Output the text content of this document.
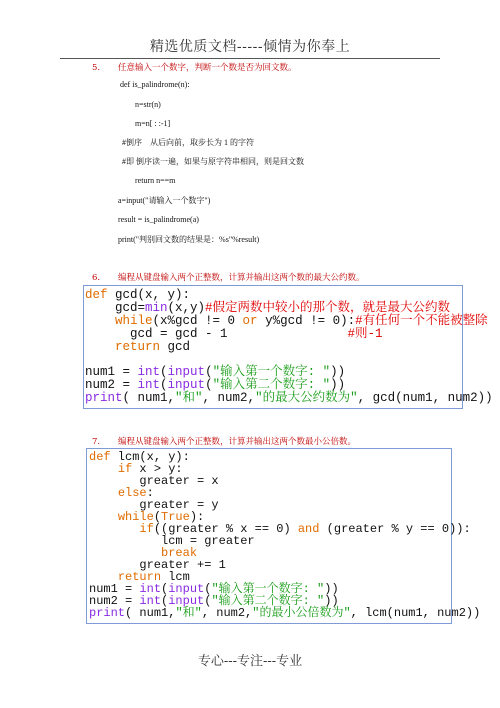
精选优质文档-----倾情为你奉上
5. 任意输入一个数字，判断一个数是否为回文数。
def is_palindrome(n):
n=str(n)
m=n[ : :-1]
#倒序　从后向前，取步长为 1 的字符
#即 倒序读一遍，如果与原字符串相同，则是回文数
return n==m
a=input("请输入一个数字")
result = is_palindrome(a)
print("判别回文数的结果是：%s"%result)
6. 编程从键盘输入两个正整数，计算并输出这两个数的最大公约数。
def gcd(x, y):
gcd=min(x,y)#假定两数中较小的那个数，就是最大公约数
while(x%gcd != 0 or y%gcd != 0):#有任何一个不能被整除
gcd = gcd - 1                #则-1
return gcd
num1 = int(input("输入第一个数字: "))
num2 = int(input("输入第二个数字: "))
print( num1,"和", num2,"的最大公约数为", gcd(num1, num2))
7. 编程从键盘输入两个正整数，计算并输出这两个数最小公倍数。
def lcm(x, y):
if x > y:
greater = x
else:
greater = y
while(True):
if((greater % x == 0) and (greater % y == 0)):
lcm = greater
break
greater += 1
return lcm
num1 = int(input("输入第一个数字: "))
num2 = int(input("输入第二个数字: "))
print( num1,"和", num2,"的最小公倍数为", lcm(num1, num2))
专心---专注---专业
